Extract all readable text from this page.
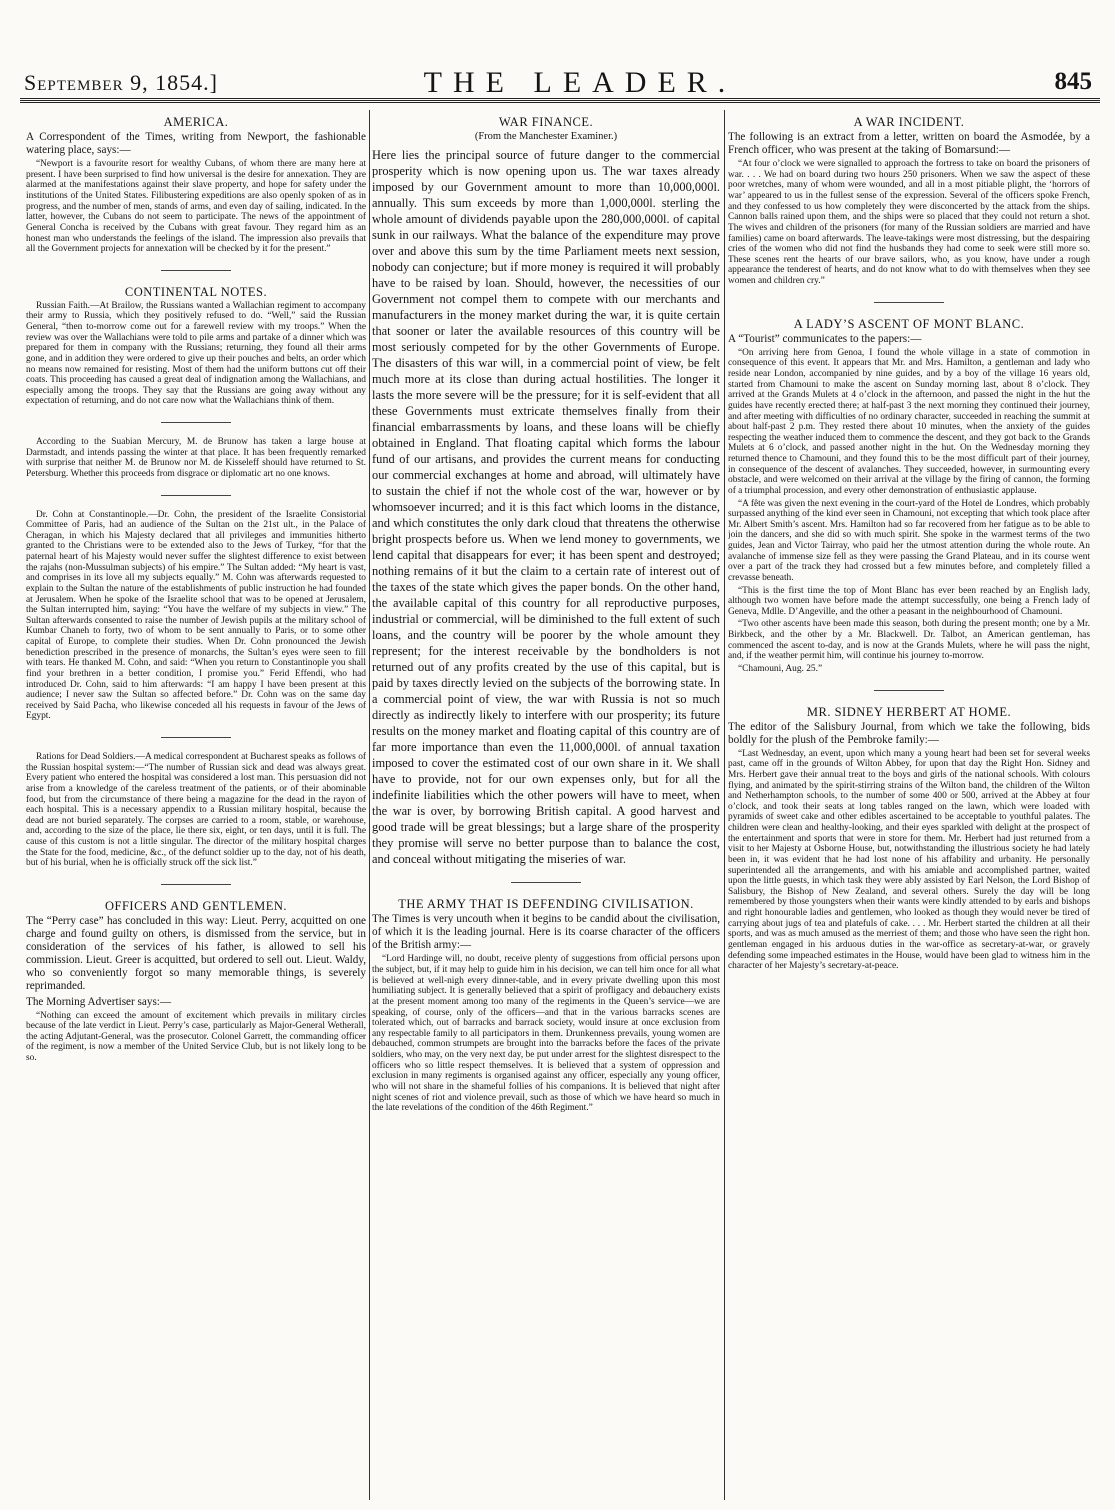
September 9, 1854.]	THE LEADER.	845
AMERICA.

A Correspondent of the Times, writing from Newport, the fashionable watering place, says:—

“Newport is a favourite resort for wealthy Cubans, of whom there are many here at present. I have been surprised to find how universal is the desire for annexation. They are alarmed at the manifestations against their slave property, and hope for safety under the institutions of the United States. Filibustering expeditions are also openly spoken of as in progress, and the number of men, stands of arms, and even day of sailing, indicated. In the latter, however, the Cubans do not seem to participate. The news of the appointment of General Concha is received by the Cubans with great favour. They regard him as an honest man who understands the feelings of the island. The impression also prevails that all the Government projects for annexation will be checked by it for the present.”

CONTINENTAL NOTES.

Russian Faith.—At Brailow, the Russians wanted a Wallachian regiment to accompany their army to Russia, which they positively refused to do. “Well,” said the Russian General, “then to-morrow come out for a farewell review with my troops.” When the review was over the Wallachians were told to pile arms and partake of a dinner which was prepared for them in company with the Russians; returning, they found all their arms gone, and in addition they were ordered to give up their pouches and belts, an order which no means now remained for resisting. Most of them had the uniform buttons cut off their coats. This proceeding has caused a great deal of indignation among the Wallachians, and especially among the troops. They say that the Russians are going away without any expectation of returning, and do not care now what the Wallachians think of them.

According to the Suabian Mercury, M. de Brunow has taken a large house at Darmstadt, and intends passing the winter at that place. It has been frequently remarked with surprise that neither M. de Brunow nor M. de Kisseleff should have returned to St. Petersburg. Whether this proceeds from disgrace or diplomatic art no one knows.

Dr. Cohn at Constantinople.—Dr. Cohn, the president of the Israelite Consistorial Committee of Paris, had an audience of the Sultan on the 21st ult., in the Palace of Cheragan, in which his Majesty declared that all privileges and immunities hitherto granted to the Christians were to be extended also to the Jews of Turkey, “for that the paternal heart of his Majesty would never suffer the slightest difference to exist between the rajahs (non-Mussulman subjects) of his empire.” The Sultan added: “My heart is vast, and comprises in its love all my subjects equally.” M. Cohn was afterwards requested to explain to the Sultan the nature of the establishments of public instruction he had founded at Jerusalem. When he spoke of the Israelite school that was to be opened at Jerusalem, the Sultan interrupted him, saying: “You have the welfare of my subjects in view.” The Sultan afterwards consented to raise the number of Jewish pupils at the military school of Kumbar Chaneh to forty, two of whom to be sent annually to Paris, or to some other capital of Europe, to complete their studies. When Dr. Cohn pronounced the Jewish benediction prescribed in the presence of monarchs, the Sultan’s eyes were seen to fill with tears. He thanked M. Cohn, and said: “When you return to Constantinople you shall find your brethren in a better condition, I promise you.” Ferid Effendi, who had introduced Dr. Cohn, said to him afterwards: “I am happy I have been present at this audience; I never saw the Sultan so affected before.” Dr. Cohn was on the same day received by Said Pacha, who likewise conceded all his requests in favour of the Jews of Egypt.

Rations for Dead Soldiers.—A medical correspondent at Bucharest speaks as follows of the Russian hospital system:—“The number of Russian sick and dead was always great. Every patient who entered the hospital was considered a lost man. This persuasion did not arise from a knowledge of the careless treatment of the patients, or of their abominable food, but from the circumstance of there being a magazine for the dead in the rayon of each hospital. This is a necessary appendix to a Russian military hospital, because the dead are not buried separately. The corpses are carried to a room, stable, or warehouse, and, according to the size of the place, lie there six, eight, or ten days, until it is full. The cause of this custom is not a little singular. The director of the military hospital charges the State for the food, medicine, &c., of the defunct soldier up to the day, not of his death, but of his burial, when he is officially struck off the sick list.”

OFFICERS AND GENTLEMEN.

The “Perry case” has concluded in this way: Lieut. Perry, acquitted on one charge and found guilty on others, is dismissed from the service, but in consideration of the services of his father, is allowed to sell his commission. Lieut. Greer is acquitted, but ordered to sell out. Lieut. Waldy, who so conveniently forgot so many memorable things, is severely reprimanded.

The Morning Advertiser says:—

“Nothing can exceed the amount of excitement which prevails in military circles because of the late verdict in Lieut. Perry’s case, particularly as Major-General Wetherall, the acting Adjutant-General, was the prosecutor. Colonel Garrett, the commanding officer of the regiment, is now a member of the United Service Club, but is not likely long to be so.

WAR FINANCE.

(From the Manchester Examiner.)

Here lies the principal source of future danger to the commercial prosperity which is now opening upon us. The war taxes already imposed by our Government amount to more than 10,000,000l. annually. This sum exceeds by more than 1,000,000l. sterling the whole amount of dividends payable upon the 280,000,000l. of capital sunk in our railways. What the balance of the expenditure may prove over and above this sum by the time Parliament meets next session, nobody can conjecture; but if more money is required it will probably have to be raised by loan. Should, however, the necessities of our Government not compel them to compete with our merchants and manufacturers in the money market during the war, it is quite certain that sooner or later the available resources of this country will be most seriously competed for by the other Governments of Europe. The disasters of this war will, in a commercial point of view, be felt much more at its close than during actual hostilities. The longer it lasts the more severe will be the pressure; for it is self-evident that all these Governments must extricate themselves finally from their financial embarrassments by loans, and these loans will be chiefly obtained in England. That floating capital which forms the labour fund of our artisans, and provides the current means for conducting our commercial exchanges at home and abroad, will ultimately have to sustain the chief if not the whole cost of the war, however or by whomsoever incurred; and it is this fact which looms in the distance, and which constitutes the only dark cloud that threatens the otherwise bright prospects before us. When we lend money to governments, we lend capital that disappears for ever; it has been spent and destroyed; nothing remains of it but the claim to a certain rate of interest out of the taxes of the state which gives the paper bonds. On the other hand, the available capital of this country for all reproductive purposes, industrial or commercial, will be diminished to the full extent of such loans, and the country will be poorer by the whole amount they represent; for the interest receivable by the bondholders is not returned out of any profits created by the use of this capital, but is paid by taxes directly levied on the subjects of the borrowing state. In a commercial point of view, the war with Russia is not so much directly as indirectly likely to interfere with our prosperity; its future results on the money market and floating capital of this country are of far more importance than even the 11,000,000l. of annual taxation imposed to cover the estimated cost of our own share in it. We shall have to provide, not for our own expenses only, but for all the indefinite liabilities which the other powers will have to meet, when the war is over, by borrowing British capital. A good harvest and good trade will be great blessings; but a large share of the prosperity they promise will serve no better purpose than to balance the cost, and conceal without mitigating the miseries of war.

THE ARMY THAT IS DEFENDING CIVILISATION.

The Times is very uncouth when it begins to be candid about the civilisation, of which it is the leading journal. Here is its coarse character of the officers of the British army:—

“Lord Hardinge will, no doubt, receive plenty of suggestions from official persons upon the subject, but, if it may help to guide him in his decision, we can tell him once for all what is believed at well-nigh every dinner-table, and in every private dwelling upon this most humiliating subject. It is generally believed that a spirit of profligacy and debauchery exists at the present moment among too many of the regiments in the Queen’s service—we are speaking, of course, only of the officers—and that in the various barracks scenes are tolerated which, out of barracks and barrack society, would insure at once exclusion from any respectable family to all participators in them. Drunkenness prevails, young women are debauched, common strumpets are brought into the barracks before the faces of the private soldiers, who may, on the very next day, be put under arrest for the slightest disrespect to the officers who so little respect themselves. It is believed that a system of oppression and exclusion in many regiments is organised against any officer, especially any young officer, who will not share in the shameful follies of his companions. It is believed that night after night scenes of riot and violence prevail, such as those of which we have heard so much in the late revelations of the condition of the 46th Regiment.”

A WAR INCIDENT.

The following is an extract from a letter, written on board the Asmodée, by a French officer, who was present at the taking of Bomarsund:—

“At four o’clock we were signalled to approach the fortress to take on board the prisoners of war. . . . We had on board during two hours 250 prisoners. When we saw the aspect of these poor wretches, many of whom were wounded, and all in a most pitiable plight, the ‘horrors of war’ appeared to us in the fullest sense of the expression. Several of the officers spoke French, and they confessed to us how completely they were disconcerted by the attack from the ships. Cannon balls rained upon them, and the ships were so placed that they could not return a shot. The wives and children of the prisoners (for many of the Russian soldiers are married and have families) came on board afterwards. The leave-takings were most distressing, but the despairing cries of the women who did not find the husbands they had come to seek were still more so. These scenes rent the hearts of our brave sailors, who, as you know, have under a rough appearance the tenderest of hearts, and do not know what to do with themselves when they see women and children cry.”

A LADY’S ASCENT OF MONT BLANC.

A “Tourist” communicates to the papers:—

“On arriving here from Genoa, I found the whole village in a state of commotion in consequence of this event. It appears that Mr. and Mrs. Hamilton, a gentleman and lady who reside near London, accompanied by nine guides, and by a boy of the village 16 years old, started from Chamouni to make the ascent on Sunday morning last, about 8 o’clock. They arrived at the Grands Mulets at 4 o’clock in the afternoon, and passed the night in the hut the guides have recently erected there; at half-past 3 the next morning they continued their journey, and after meeting with difficulties of no ordinary character, succeeded in reaching the summit at about half-past 2 p.m. They rested there about 10 minutes, when the anxiety of the guides respecting the weather induced them to commence the descent, and they got back to the Grands Mulets at 6 o’clock, and passed another night in the hut. On the Wednesday morning they returned thence to Chamouni, and they found this to be the most difficult part of their journey, in consequence of the descent of avalanches. They succeeded, however, in surmounting every obstacle, and were welcomed on their arrival at the village by the firing of cannon, the forming of a triumphal procession, and every other demonstration of enthusiastic applause.

“A fête was given the next evening in the court-yard of the Hotel de Londres, which probably surpassed anything of the kind ever seen in Chamouni, not excepting that which took place after Mr. Albert Smith’s ascent. Mrs. Hamilton had so far recovered from her fatigue as to be able to join the dancers, and she did so with much spirit. She spoke in the warmest terms of the two guides, Jean and Victor Tairray, who paid her the utmost attention during the whole route. An avalanche of immense size fell as they were passing the Grand Plateau, and in its course went over a part of the track they had crossed but a few minutes before, and completely filled a crevasse beneath.

“This is the first time the top of Mont Blanc has ever been reached by an English lady, although two women have before made the attempt successfully, one being a French lady of Geneva, Mdlle. D’Angeville, and the other a peasant in the neighbourhood of Chamouni.

“Two other ascents have been made this season, both during the present month; one by a Mr. Birkbeck, and the other by a Mr. Blackwell. Dr. Talbot, an American gentleman, has commenced the ascent to-day, and is now at the Grands Mulets, where he will pass the night, and, if the weather permit him, will continue his journey to-morrow.

“Chamouni, Aug. 25.”

MR. SIDNEY HERBERT AT HOME.

The editor of the Salisbury Journal, from which we take the following, bids boldly for the plush of the Pembroke family:—

“Last Wednesday, an event, upon which many a young heart had been set for several weeks past, came off in the grounds of Wilton Abbey, for upon that day the Right Hon. Sidney and Mrs. Herbert gave their annual treat to the boys and girls of the national schools. With colours flying, and animated by the spirit-stirring strains of the Wilton band, the children of the Wilton and Netherhampton schools, to the number of some 400 or 500, arrived at the Abbey at four o’clock, and took their seats at long tables ranged on the lawn, which were loaded with pyramids of sweet cake and other edibles ascertained to be acceptable to youthful palates. The children were clean and healthy-looking, and their eyes sparkled with delight at the prospect of the entertainment and sports that were in store for them. Mr. Herbert had just returned from a visit to her Majesty at Osborne House, but, notwithstanding the illustrious society he had lately been in, it was evident that he had lost none of his affability and urbanity. He personally superintended all the arrangements, and with his amiable and accomplished partner, waited upon the little guests, in which task they were ably assisted by Earl Nelson, the Lord Bishop of Salisbury, the Bishop of New Zealand, and several others. Surely the day will be long remembered by those youngsters when their wants were kindly attended to by earls and bishops and right honourable ladies and gentlemen, who looked as though they would never be tired of carrying about jugs of tea and platefuls of cake. . . . Mr. Herbert started the children at all their sports, and was as much amused as the merriest of them; and those who have seen the right hon. gentleman engaged in his arduous duties in the war-office as secretary-at-war, or gravely defending some impeached estimates in the House, would have been glad to witness him in the character of her Majesty’s secretary-at-peace.
